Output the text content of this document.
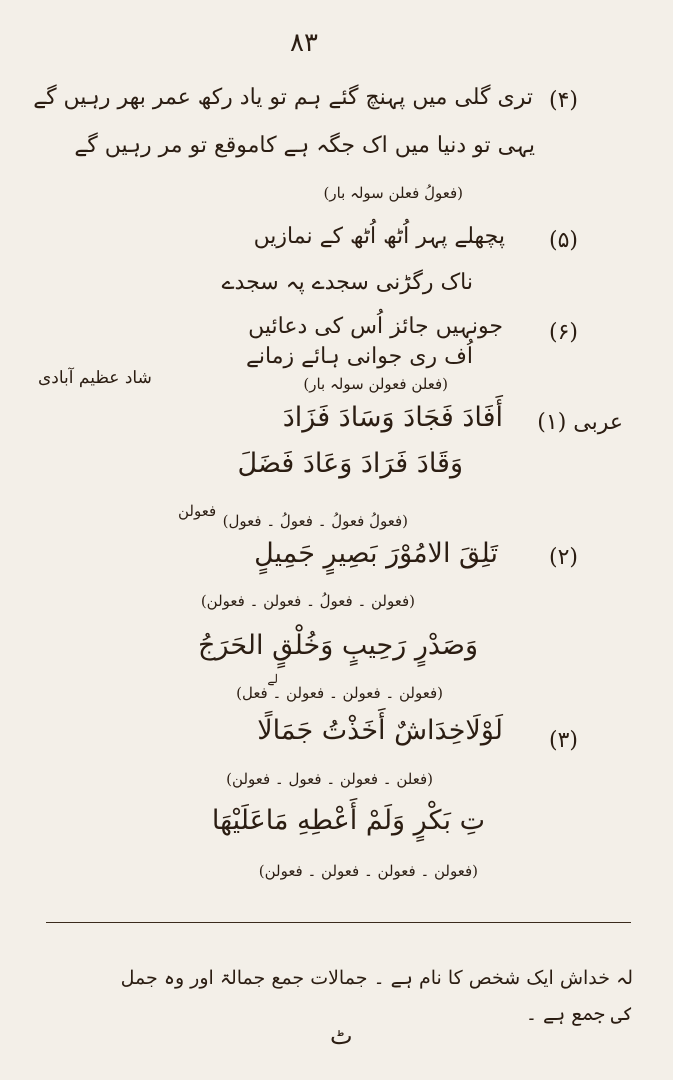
۸۳
(۴)
تری گلی میں پہنچ گئے ہم تو یاد رکھ عمر بھر رہیں گے
یہی تو دنیا میں اک جگہ ہے کاموقع تو مر رہیں گے
(فعولُ فعلن سولہ بار)
(۵)
پچھلے پہر اُٹھ اُٹھ کے نمازیں
ناک رگڑنی سجدے پہ سجدے
(۶)
جونہیں جائز اُس کی دعائیں
اُف ری جوانی ہائے زمانے
(فعلن فعولن سولہ بار)
شاد عظیم آبادی
عربی (۱)
أَفَادَ فَجَادَ وَسَادَ فَزَادَ
وَقَادَ فَرَادَ وَعَادَ فَضَلَ
فعولن
(فعولُ فعولُ ۔ فعولُ ۔ فعول)
(۲)
تَلِقَ الامُوْرَ بَصِيرٍ جَمِيلٍ
(فعولن ۔ فعولُ ۔ فعولن ۔ فعولن)
وَصَدْرٍ رَحِيبٍ وَخُلْقٍ الحَرَجُ
لے
(فعولن ۔ فعولن ۔ فعولن ۔ فعل)
(۳)
لَوْلَاخِدَاشٌ أَخَذْتُ جَمَالًا
(فعلن ۔ فعولن ۔ فعول ۔ فعولن)
تِ بَكْرٍ وَلَمْ أَعْطِهِ مَاعَلَيْهَا
(فعولن ۔ فعولن ۔ فعولن ۔ فعولن)
لہ خداش ایک شخص کا نام ہے ۔ جمالات جمع جمالۃ اور وہ جمل
کی جمع ہے ۔
ٹ
